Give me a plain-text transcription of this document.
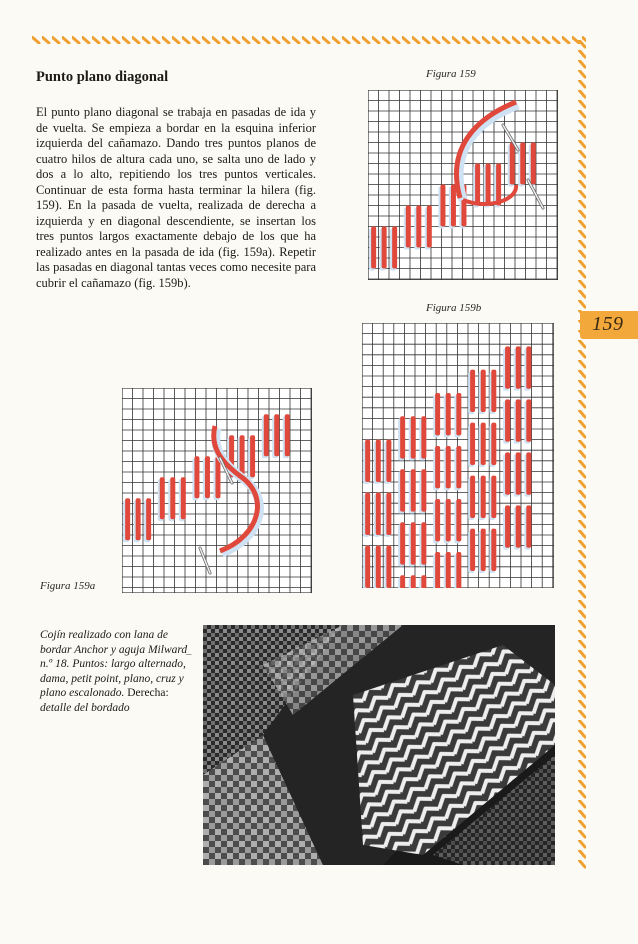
159
Punto plano diagonal

El punto plano diagonal se trabaja en pasadas de ida y de vuelta. Se empieza a bordar en la esquina inferior izquierda del cañamazo. Dando tres puntos planos de cuatro hilos de altura cada uno, se salta uno de lado y dos a lo alto, repitiendo los tres puntos verticales. Continuar de esta forma hasta terminar la hilera (fig. 159). En la pasada de vuelta, realizada de derecha a izquierda y en diagonal descendiente, se insertan los tres puntos largos exactamente debajo de los que ha realizado antes en la pasada de ida (fig. 159a). Repetir las pasadas en diagonal tantas veces como necesite para cubrir el cañamazo (fig. 159b).

Figura 159
Figura 159b
Figura 159a

Cojín realizado con lana de bordar Anchor y aguja Milward n.º 18. Puntos: largo alternado, dama, petit point, plano, cruz y plano escalonado. Derecha: detalle del bordado

–
